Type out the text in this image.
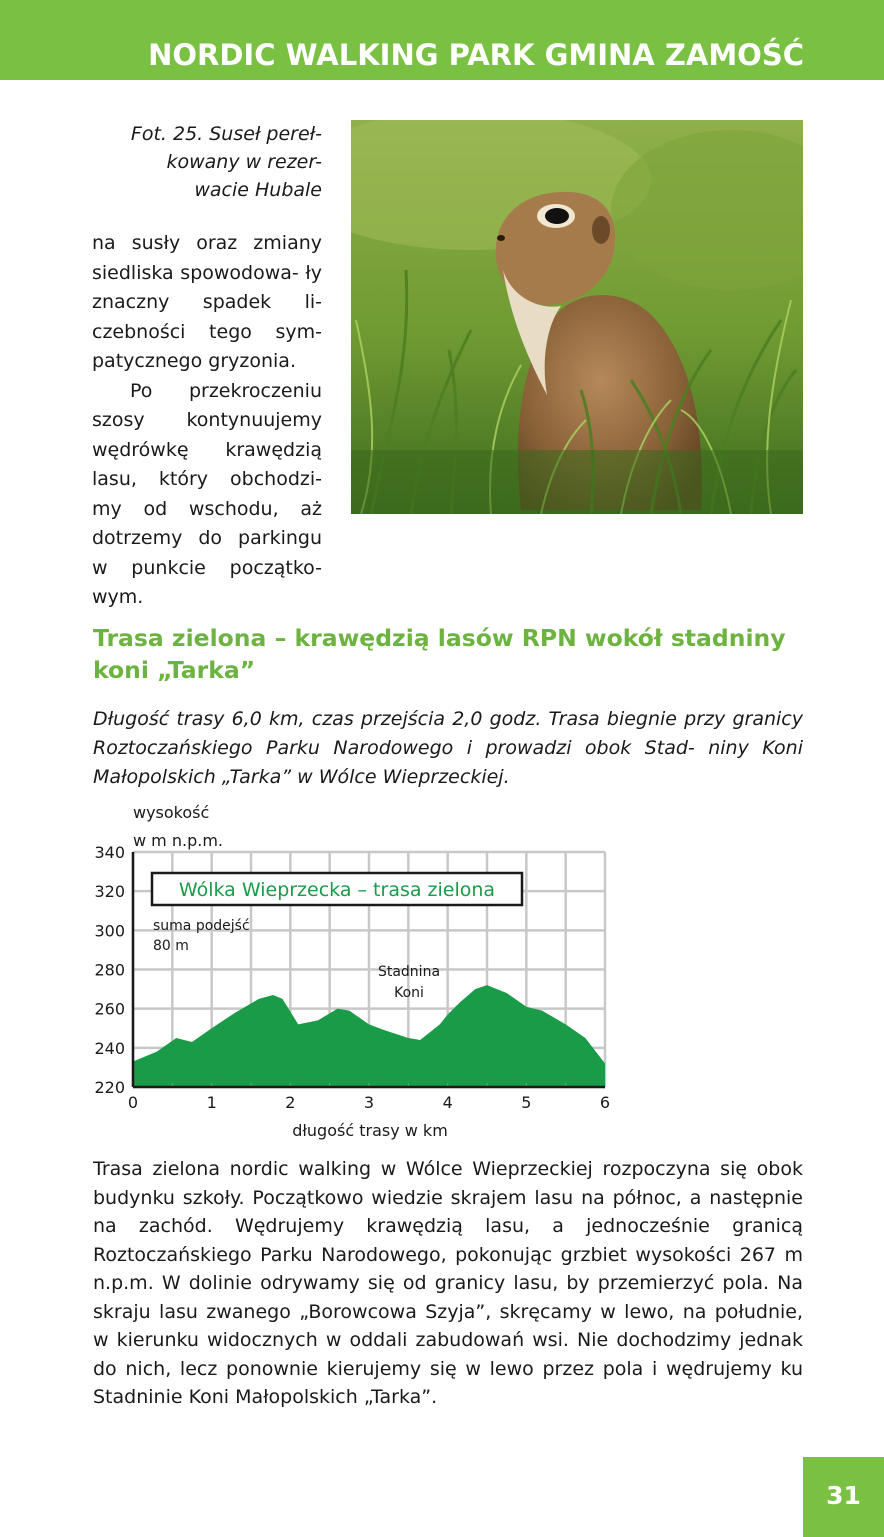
NORDIC WALKING PARK GMINA ZAMOŚĆ
Fot. 25. Suseł pereł-
kowany w rezer-
wacie Hubale

na susły oraz zmiany siedliska spowodowa- ły znaczny spadek li- czebności tego sym- patycznego gryzonia.

Po przekroczeniu szosy kontynuujemy wędrówkę krawędzią lasu, który obchodzi- my od wschodu, aż dotrzemy do parkingu w punkcie początko- wym.

Trasa zielona – krawędzią lasów RPN wokół stadniny koni „Tarka”
Długość trasy 6,0 km, czas przejścia 2,0 godz. Trasa biegnie przy granicy Roztoczańskiego Parku Narodowego i prowadzi obok Stad- niny Koni Małopolskich „Tarka” w Wólce Wieprzeckiej.
220
240
260
280
300
320
340
0	1	2	3	4	5	6
wysokość
w m n.p.m.
Wólka Wieprzecka – trasa zielona
suma podejść
80 m
Stadnina
Koni
długość trasy w km
Trasa zielona nordic walking w Wólce Wieprzeckiej rozpoczyna się obok budynku szkoły. Początkowo wiedzie skrajem lasu na północ, a następnie na zachód. Wędrujemy krawędzią lasu, a jednocześnie granicą Roztoczańskiego Parku Narodowego, pokonując grzbiet wysokości 267 m n.p.m. W dolinie odrywamy się od granicy lasu, by przemierzyć pola. Na skraju lasu zwanego „Borowcowa Szyja”, skręcamy w lewo, na południe, w kierunku widocznych w oddali zabudowań wsi. Nie dochodzimy jednak do nich, lecz ponownie kierujemy się w lewo przez pola i wędrujemy ku Stadninie Koni Małopolskich „Tarka”.
31
